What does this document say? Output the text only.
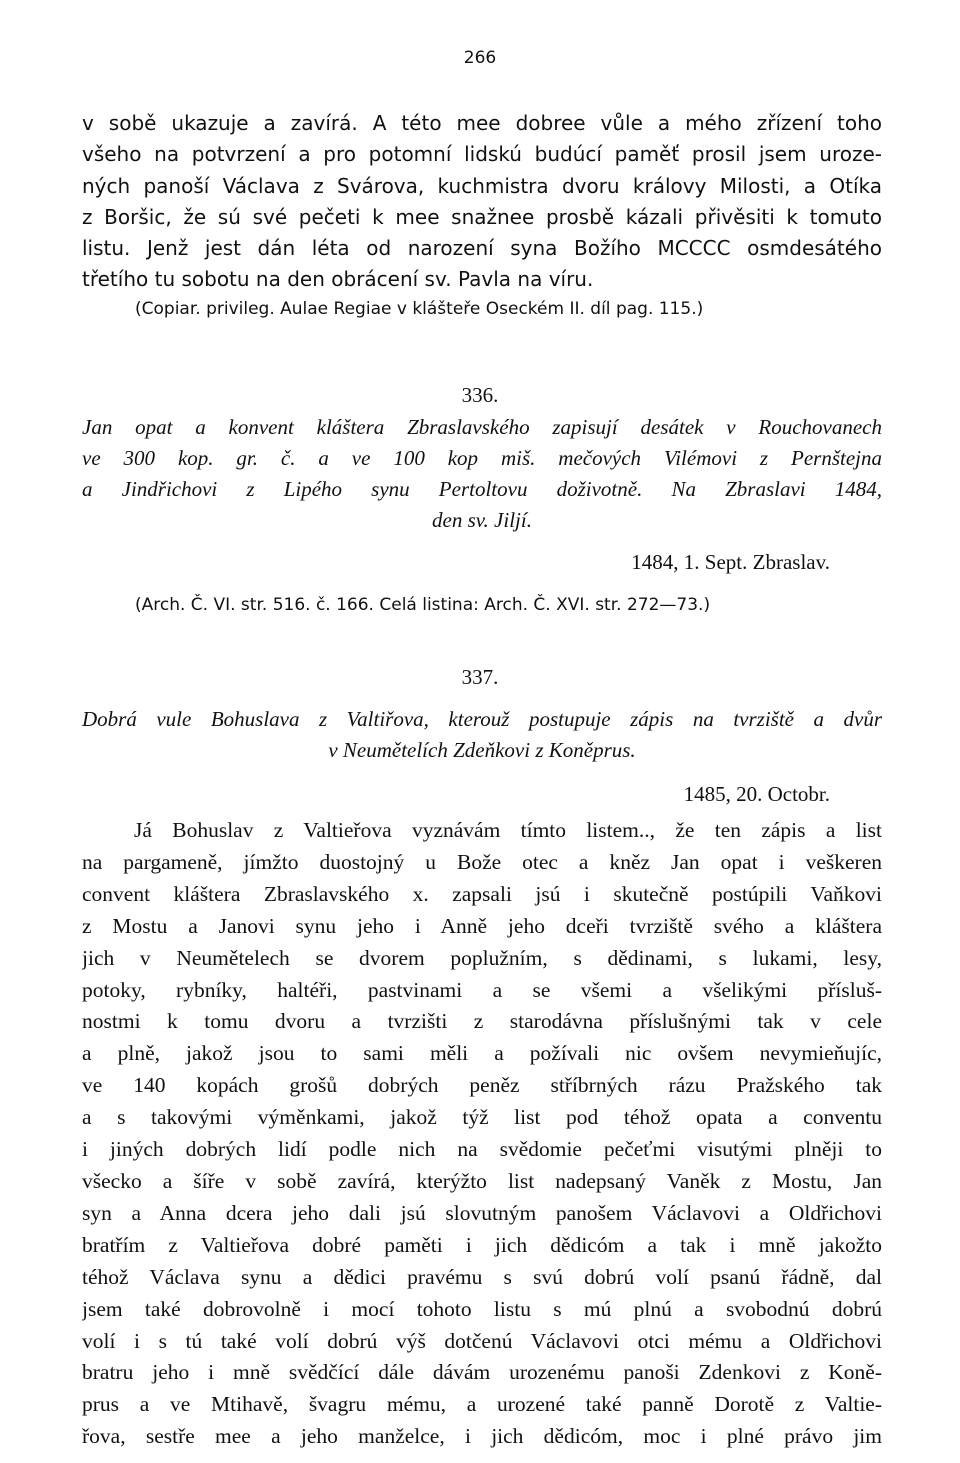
266
v sobě ukazuje a zavírá. A této mee dobree vůle a mého zřízení toho
všeho na potvrzení a pro potomní lidskú budúcí paměť prosil jsem uroze-
ných panoší Václava z Svárova, kuchmistra dvoru královy Milosti, a Otíka
z Boršic, že sú své pečeti k mee snažnee prosbě kázali přivěsiti k tomuto
listu. Jenž jest dán léta od narození syna Božího MCCCC osmdesátého
třetího tu sobotu na den obrácení sv. Pavla na víru.
(Copiar. privileg. Aulae Regiae v klášteře Oseckém II. díl pag. 115.)
336.
Jan opat a konvent kláštera Zbraslavského zapisují desátek v Rouchovanech
ve 300 kop. gr. č. a ve 100 kop miš. mečových Vilémovi z Pernštejna
a Jindřichovi z Lipého synu Pertoltovu doživotně. Na Zbraslavi 1484,
den sv. Jiljí.
1484, 1. Sept. Zbraslav.
(Arch. Č. VI. str. 516. č. 166. Celá listina: Arch. Č. XVI. str. 272—73.)
337.
Dobrá vule Bohuslava z Valtiřova, kterouž postupuje zápis na tvrziště a dvůr
v Neumětelích Zdeňkovi z Koněprus.
1485, 20. Octobr.
Já Bohuslav z Valtieřova vyznávám tímto listem.., že ten zápis a list
na pargameně, jímžto duostojný u Bože otec a kněz Jan opat i veškeren
convent kláštera Zbraslavského x. zapsali jsú i skutečně postúpili Vaňkovi
z Mostu a Janovi synu jeho i Anně jeho dceři tvrziště svého a kláštera
jich v Neumětelech se dvorem poplužním, s dědinami, s lukami, lesy,
potoky, rybníky, haltéři, pastvinami a se všemi a všelikými přísluš-
nostmi k tomu dvoru a tvrzišti z starodávna příslušnými tak v cele
a plně, jakož jsou to sami měli a požívali nic ovšem nevymieňujíc,
ve 140 kopách grošů dobrých peněz stříbrných rázu Pražského tak
a s takovými výměnkami, jakož týž list pod téhož opata a conventu
i jiných dobrých lidí podle nich na svědomie pečeťmi visutými plněji to
všecko a šíře v sobě zavírá, kterýžto list nadepsaný Vaněk z Mostu, Jan
syn a Anna dcera jeho dali jsú slovutným panošem Václavovi a Oldřichovi
bratřím z Valtieřova dobré paměti i jich dědicóm a tak i mně jakožto
téhož Václava synu a dědici pravému s svú dobrú volí psanú řádně, dal
jsem také dobrovolně i mocí tohoto listu s mú plnú a svobodnú dobrú
volí i s tú také volí dobrú výš dotčenú Václavovi otci mému a Oldřichovi
bratru jeho i mně svědčící dále dávám urozenému panoši Zdenkovi z Koně-
prus a ve Mtihavě, švagru mému, a urozené také panně Dorotě z Valtie-
řova, sestře mee a jeho manželce, i jich dědicóm, moc i plné právo jim
